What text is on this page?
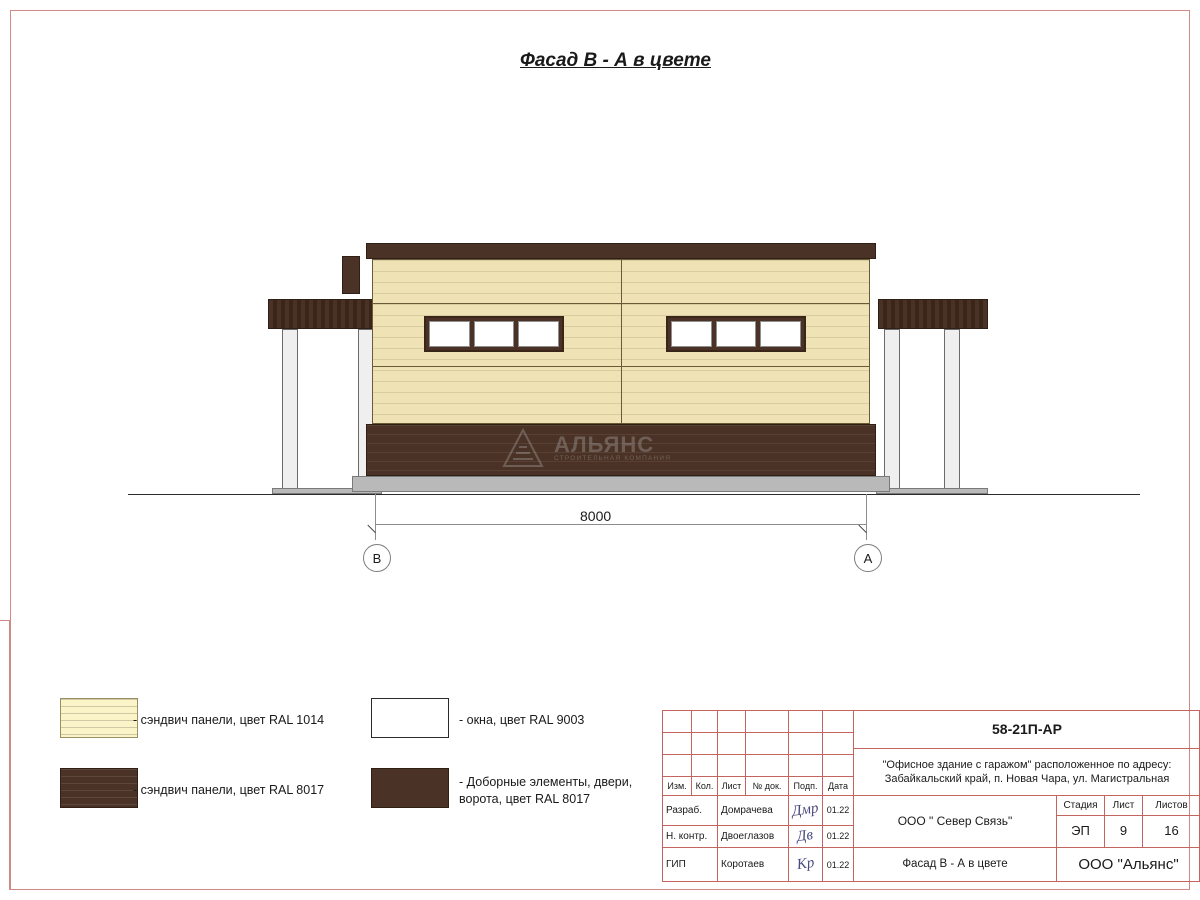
Фасад В - А в цвете
АЛЬЯНС
СТРОИТЕЛЬНАЯ КОМПАНИЯ
8000
В	А
- сэндвич панели, цвет RAL 1014
- сэндвич панели, цвет RAL 8017
- окна, цвет RAL 9003
- Доборные элементы, двери, ворота, цвет RAL 8017
Изм. Кол. Лист	№ док.	Подп.	Дата
Разраб.	Домрачева	Дмр 01.22
Н. контр.	Двоеглазов	Дв	01.22
ГИП	Коротаев	Кр	01.22
58-21П-АР
"Офисное здание с гаражом" расположенное по адресу: Забайкальский край, п. Новая Чара, ул. Магистральная
ООО " Север Связь"
Стадия	Лист	Листов
ЭП	9	16
Фасад В - А в цвете	ООО "Альянс"
